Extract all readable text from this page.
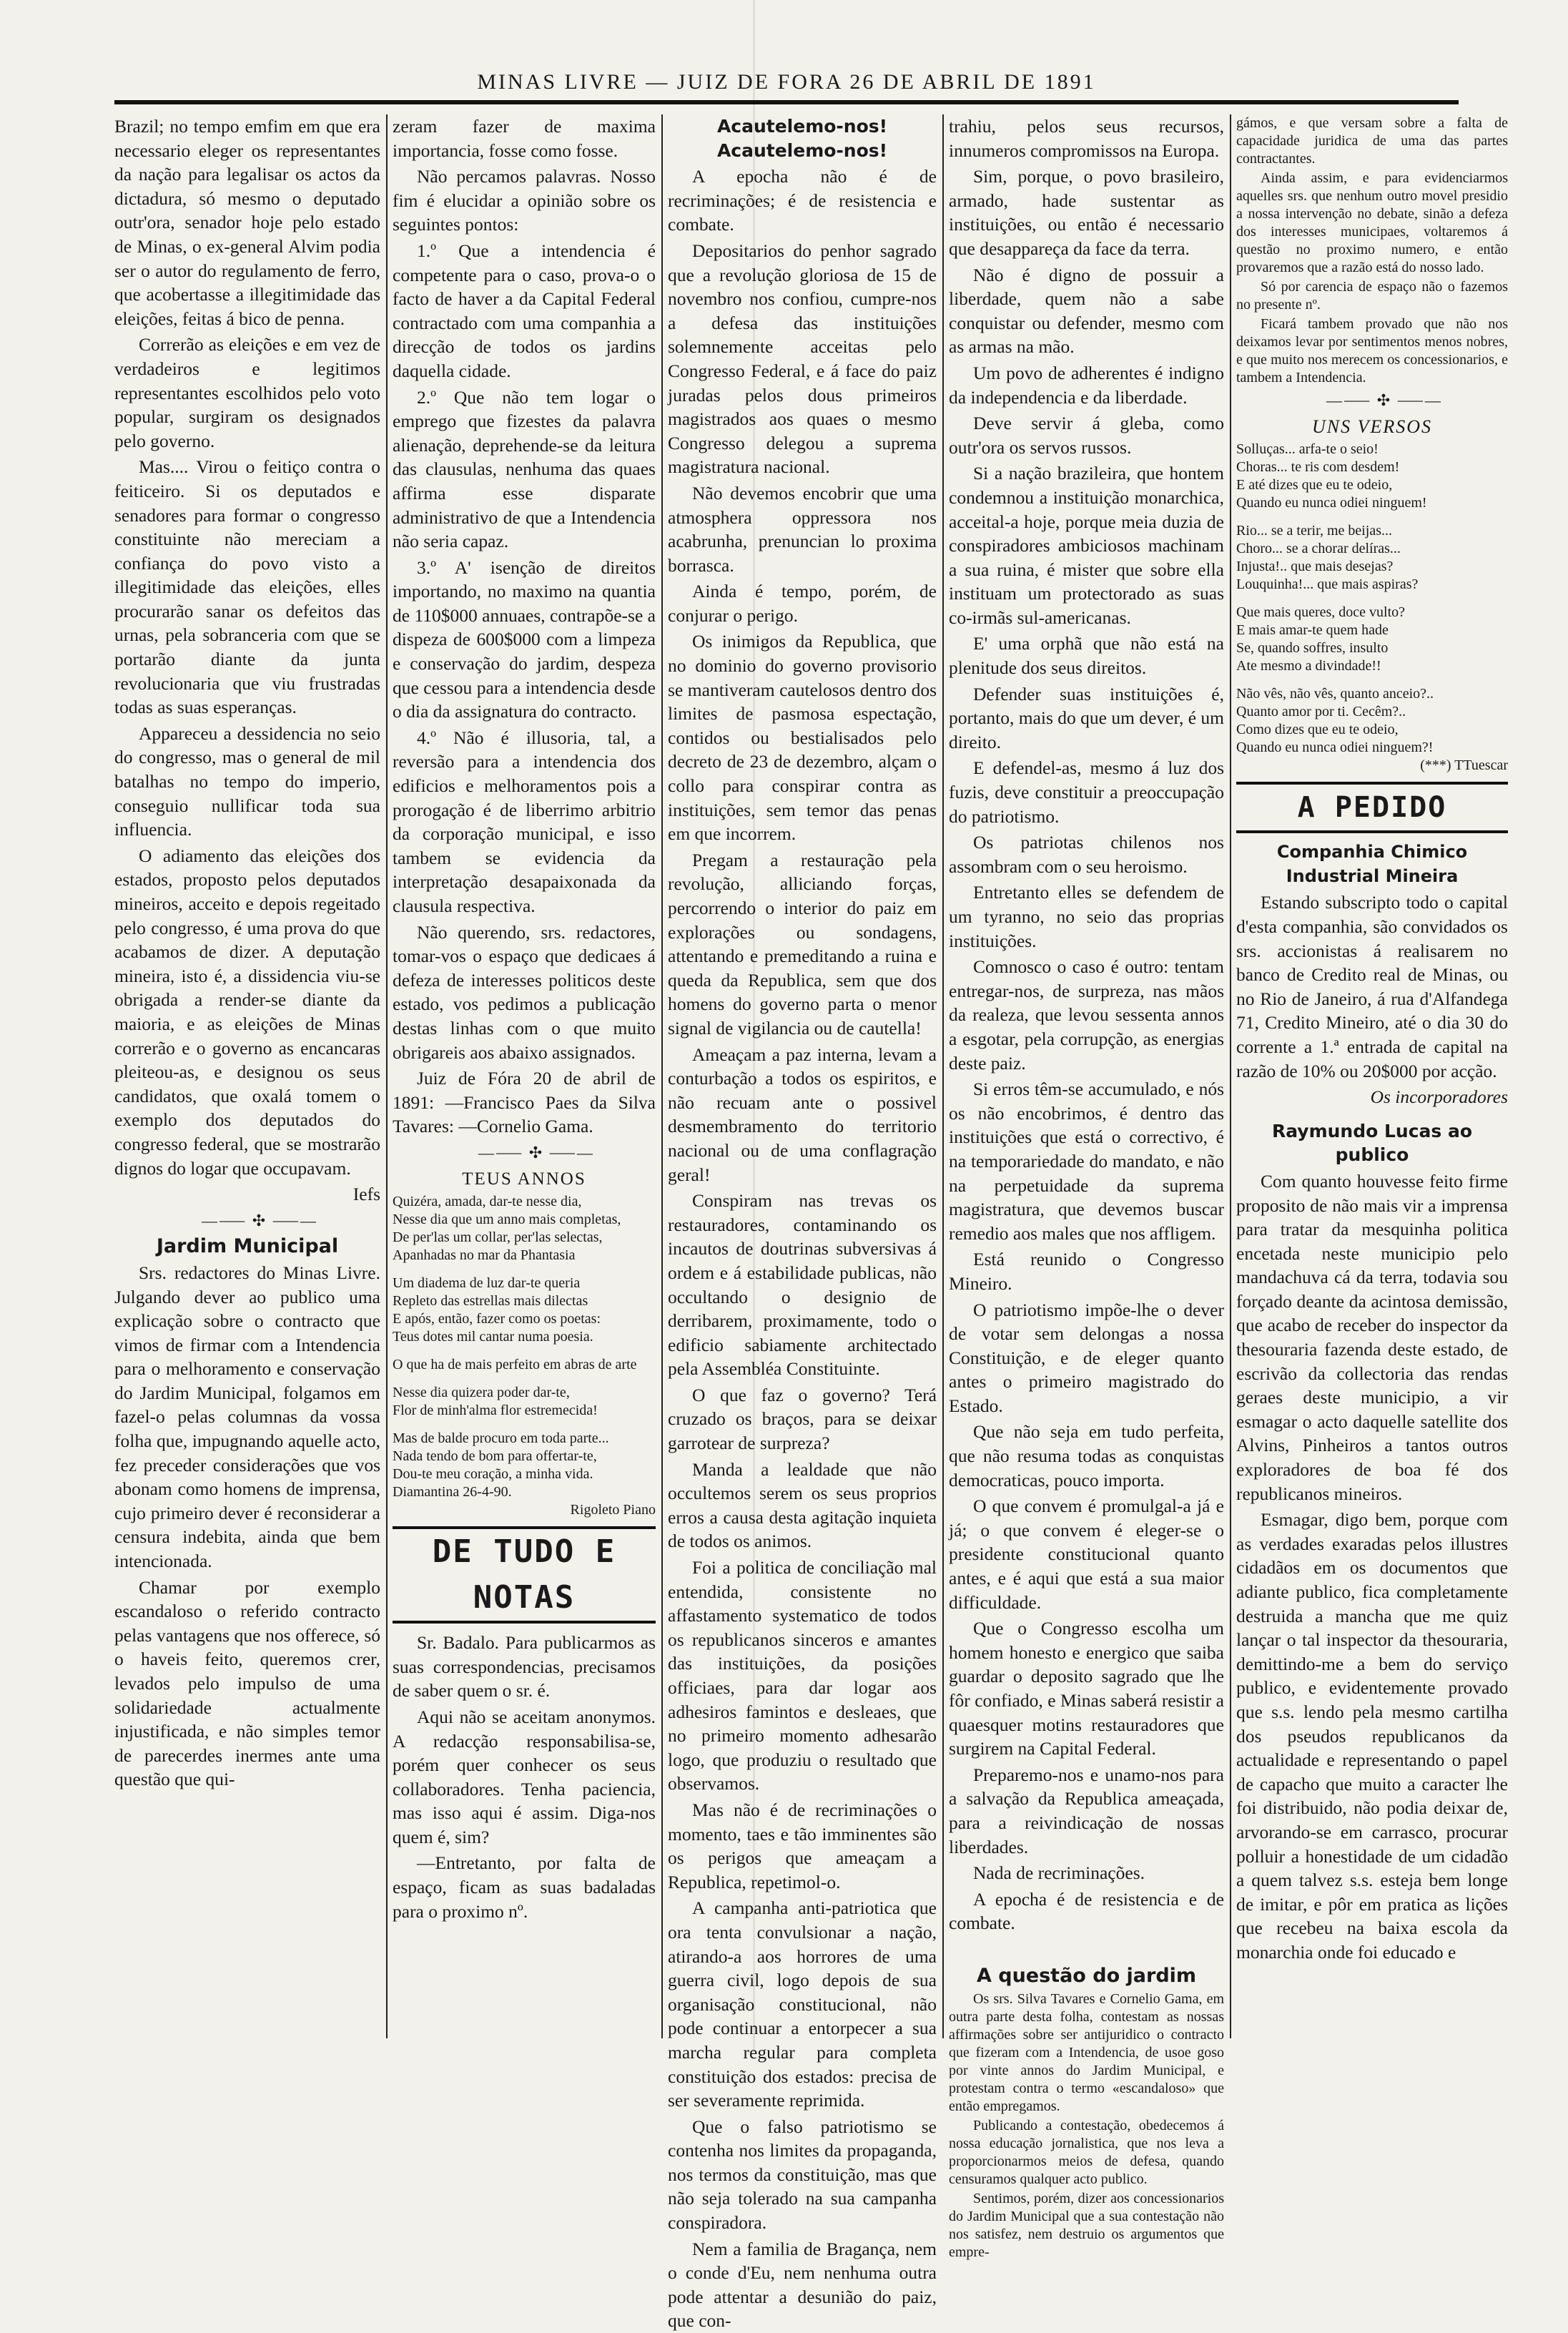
MINAS LIVRE — JUIZ DE FORA 26 DE ABRIL DE 1891

Brazil; no tempo emfim em que era necessario eleger os representantes da nação para legalisar os actos da dictadura, só mesmo o deputado outr'ora, senador hoje pelo estado de Minas, o ex-general Alvim podia ser o autor do regulamento de ferro, que acobertasse a illegitimidade das eleições, feitas á bico de penna.

Correrão as eleições e em vez de verdadeiros e legitimos representantes escolhidos pelo voto popular, surgiram os designados pelo governo.

Mas.... Virou o feitiço contra o feiticeiro. Si os deputados e senadores para formar o congresso constituinte não mereciam a confiança do povo visto a illegitimidade das eleições, elles procurarão sanar os defeitos das urnas, pela sobranceria com que se portarão diante da junta revolucionaria que viu frustradas todas as suas esperanças.

Appareceu a dessidencia no seio do congresso, mas o general de mil batalhas no tempo do imperio, conseguio nullificar toda sua influencia.

O adiamento das eleições dos estados, proposto pelos deputados mineiros, acceito e depois regeitado pelo congresso, é uma prova do que acabamos de dizer. A deputação mineira, isto é, a dissidencia viu-se obrigada a render-se diante da maioria, e as eleições de Minas correrão e o governo as encancaras pleiteou-as, e designou os seus candidatos, que oxalá tomem o exemplo dos deputados do congresso federal, que se mostrarão dignos do logar que occupavam.

Iefs

—⸺ ✣ ⸺—

Jardim Municipal

Srs. redactores do Minas Livre. Julgando dever ao publico uma explicação sobre o contracto que vimos de firmar com a Intendencia para o melhoramento e conservação do Jardim Municipal, folgamos em fazel-o pelas columnas da vossa folha que, impugnando aquelle acto, fez preceder considerações que vos abonam como homens de imprensa, cujo primeiro dever é reconsiderar a censura indebita, ainda que bem intencionada.

Chamar por exemplo escandaloso o referido contracto pelas vantagens que nos offerece, só o haveis feito, queremos crer, levados pelo impulso de uma solidariedade actualmente injustificada, e não simples temor de parecerdes inermes ante uma questão que qui-

zeram fazer de maxima importancia, fosse como fosse.

Não percamos palavras. Nosso fim é elucidar a opinião sobre os seguintes pontos:

1.º Que a intendencia é competente para o caso, prova-o o facto de haver a da Capital Federal contractado com uma companhia a direcção de todos os jardins daquella cidade.

2.º Que não tem logar o emprego que fizestes da palavra alienação, deprehende-se da leitura das clausulas, nenhuma das quaes affirma esse disparate administrativo de que a Intendencia não seria capaz.

3.º A' isenção de direitos importando, no maximo na quantia de 110$000 annuaes, contrapõe-se a dispeza de 600$000 com a limpeza e conservação do jardim, despeza que cessou para a intendencia desde o dia da assignatura do contracto.

4.º Não é illusoria, tal, a reversão para a intendencia dos edificios e melhoramentos pois a prorogação é de liberrimo arbitrio da corporação municipal, e isso tambem se evidencia da interpretação desapaixonada da clausula respectiva.

Não querendo, srs. redactores, tomar-vos o espaço que dedicaes á defeza de interesses politicos deste estado, vos pedimos a publicação destas linhas com o que muito obrigareis aos abaixo assignados.

Juiz de Fóra 20 de abril de 1891: —Francisco Paes da Silva Tavares: —Cornelio Gama.

—⸺ ✣ ⸺—

TEUS ANNOS

Quizéra, amada, dar-te nesse dia,

Nesse dia que um anno mais completas,

De per'las um collar, per'las selectas,

Apanhadas no mar da Phantasia

Um diadema de luz dar-te queria

Repleto das estrellas mais dilectas

E após, então, fazer como os poetas:

Teus dotes mil cantar numa poesia.

O que ha de mais perfeito em abras de arte

Nesse dia quizera poder dar-te,

Flor de minh'alma flor estremecida!

Mas de balde procuro em toda parte...

Nada tendo de bom para offertar-te,

Dou-te meu coração, a minha vida.

Diamantina 26-4-90.

Rigoleto Piano

DE TUDO E NOTAS

Sr. Badalo. Para publicarmos as suas correspondencias, precisamos de saber quem o sr. é.

Aqui não se aceitam anonymos. A redacção responsabilisa-se, porém quer conhecer os seus collaboradores. Tenha paciencia, mas isso aqui é assim. Diga-nos quem é, sim?

—Entretanto, por falta de espaço, ficam as suas badaladas para o proximo nº.

Acautelemo-nos! Acautelemo-nos!

A epocha não é de recriminações; é de resistencia e combate.

Depositarios do penhor sagrado que a revolução gloriosa de 15 de novembro nos confiou, cumpre-nos a defesa das instituições solemnemente acceitas pelo Congresso Federal, e á face do paiz juradas pelos dous primeiros magistrados aos quaes o mesmo Congresso delegou a suprema magistratura nacional.

Não devemos encobrir que uma atmosphera oppressora nos acabrunha, prenuncian lo proxima borrasca.

Ainda é tempo, porém, de conjurar o perigo.

Os inimigos da Republica, que no dominio do governo provisorio se mantiveram cautelosos dentro dos limites de pasmosa espectação, contidos ou bestialisados pelo decreto de 23 de dezembro, alçam o collo para conspirar contra as instituições, sem temor das penas em que incorrem.

Pregam a restauração pela revolução, alliciando forças, percorrendo o interior do paiz em explorações ou sondagens, attentando e premeditando a ruina e queda da Republica, sem que dos homens do governo parta o menor signal de vigilancia ou de cautella!

Ameaçam a paz interna, levam a conturbação a todos os espiritos, e não recuam ante o possivel desmembramento do territorio nacional ou de uma conflagração geral!

Conspiram nas trevas os restauradores, contaminando os incautos de doutrinas subversivas á ordem e á estabilidade publicas, não occultando o designio de derribarem, proximamente, todo o edificio sabiamente architectado pela Assembléa Constituinte.

O que faz o governo? Terá cruzado os braços, para se deixar garrotear de surpreza?

Manda a lealdade que não occultemos serem os seus proprios erros a causa desta agitação inquieta de todos os animos.

Foi a politica de conciliação mal entendida, consistente no affastamento systematico de todos os republicanos sinceros e amantes das instituições, da posições officiaes, para dar logar aos adhesiros famintos e desleaes, que no primeiro momento adhesarão logo, que produziu o resultado que observamos.

Mas não é de recriminações o momento, taes e tão imminentes são os perigos que ameaçam a Republica, repetimol-o.

A campanha anti-patriotica que ora tenta convulsionar a nação, atirando-a aos horrores de uma guerra civil, logo depois de sua organisação constitucional, não pode continuar a entorpecer a sua marcha regular para completa constituição dos estados: precisa de ser severamente reprimida.

Que o falso patriotismo se contenha nos limites da propaganda, nos termos da constituição, mas que não seja tolerado na sua campanha conspiradora.

Nem a familia de Bragança, nem o conde d'Eu, nem nenhuma outra pode attentar a desunião do paiz, que con-

trahiu, pelos seus recursos, innumeros compromissos na Europa.

Sim, porque, o povo brasileiro, armado, hade sustentar as instituições, ou então é necessario que desappareça da face da terra.

Não é digno de possuir a liberdade, quem não a sabe conquistar ou defender, mesmo com as armas na mão.

Um povo de adherentes é indigno da independencia e da liberdade.

Deve servir á gleba, como outr'ora os servos russos.

Si a nação brazileira, que hontem condemnou a instituição monarchica, acceital-a hoje, porque meia duzia de conspiradores ambiciosos machinam a sua ruina, é mister que sobre ella instituam um protectorado as suas co-irmãs sul-americanas.

E' uma orphã que não está na plenitude dos seus direitos.

Defender suas instituições é, portanto, mais do que um dever, é um direito.

E defendel-as, mesmo á luz dos fuzis, deve constituir a preoccupação do patriotismo.

Os patriotas chilenos nos assombram com o seu heroismo.

Entretanto elles se defendem de um tyranno, no seio das proprias instituições.

Comnosco o caso é outro: tentam entregar-nos, de surpreza, nas mãos da realeza, que levou sessenta annos a esgotar, pela corrupção, as energias deste paiz.

Si erros têm-se accumulado, e nós os não encobrimos, é dentro das instituições que está o correctivo, é na temporariedade do mandato, e não na perpetuidade da suprema magistratura, que devemos buscar remedio aos males que nos affligem.

Está reunido o Congresso Mineiro.

O patriotismo impõe-lhe o dever de votar sem delongas a nossa Constituição, e de eleger quanto antes o primeiro magistrado do Estado.

Que não seja em tudo perfeita, que não resuma todas as conquistas democraticas, pouco importa.

O que convem é promulgal-a já e já; o que convem é eleger-se o presidente constitucional quanto antes, e é aqui que está a sua maior difficuldade.

Que o Congresso escolha um homem honesto e energico que saiba guardar o deposito sagrado que lhe fôr confiado, e Minas saberá resistir a quaesquer motins restauradores que surgirem na Capital Federal.

Preparemo-nos e unamo-nos para a salvação da Republica ameaçada, para a reivindicação de nossas liberdades.

Nada de recriminações.

A epocha é de resistencia e de combate.

A questão do jardim

Os srs. Silva Tavares e Cornelio Gama, em outra parte desta folha, contestam as nossas affirmações sobre ser antijuridico o contracto que fizeram com a Intendencia, de usoe goso por vinte annos do Jardim Municipal, e protestam contra o termo «escandaloso» que então empregamos.

Publicando a contestação, obedecemos á nossa educação jornalistica, que nos leva a proporcionarmos meios de defesa, quando censuramos qualquer acto publico.

Sentimos, porém, dizer aos concessionarios do Jardim Municipal que a sua contestação não nos satisfez, nem destruio os argumentos que empre-

gámos, e que versam sobre a falta de capacidade juridica de uma das partes contractantes.

Ainda assim, e para evidenciarmos aquelles srs. que nenhum outro movel presidio a nossa intervenção no debate, sinão a defeza dos interesses municipaes, voltaremos á questão no proximo numero, e então provaremos que a razão está do nosso lado.

Só por carencia de espaço não o fazemos no presente nº.

Ficará tambem provado que não nos deixamos levar por sentimentos menos nobres, e que muito nos merecem os concessionarios, e tambem a Intendencia.

—⸺ ✣ ⸺—

UNS VERSOS

Solluças... arfa-te o seio!

Choras... te ris com desdem!

E até dizes que eu te odeio,

Quando eu nunca odiei ninguem!

Rio... se a terir, me beijas...

Choro... se a chorar delíras...

Injusta!.. que mais desejas?

Louquinha!... que mais aspiras?

Que mais queres, doce vulto?

E mais amar-te quem hade

Se, quando soffres, insulto

Ate mesmo a divindade!!

Não vês, não vês, quanto anceio?..

Quanto amor por ti. Cecêm?..

Como dizes que eu te odeio,

Quando eu nunca odiei ninguem?!

(***) TTuescar

A PEDIDO

Companhia Chimico Industrial Mineira

Estando subscripto todo o capital d'esta companhia, são convidados os srs. accionistas á realisarem no banco de Credito real de Minas, ou no Rio de Janeiro, á rua d'Alfandega 71, Credito Mineiro, até o dia 30 do corrente a 1.ª entrada de capital na razão de 10% ou 20$000 por acção.

Os incorporadores

Raymundo Lucas ao publico

Com quanto houvesse feito firme proposito de não mais vir a imprensa para tratar da mesquinha politica encetada neste municipio pelo mandachuva cá da terra, todavia sou forçado deante da acintosa demissão, que acabo de receber do inspector da thesouraria fazenda deste estado, de escrivão da collectoria das rendas geraes deste municipio, a vir esmagar o acto daquelle satellite dos Alvins, Pinheiros a tantos outros exploradores de boa fé dos republicanos mineiros.

Esmagar, digo bem, porque com as verdades exaradas pelos illustres cidadãos em os documentos que adiante publico, fica completamente destruida a mancha que me quiz lançar o tal inspector da thesouraria, demittindo-me a bem do serviço publico, e evidentemente provado que s.s. lendo pela mesmo cartilha dos pseudos republicanos da actualidade e representando o papel de capacho que muito a caracter lhe foi distribuido, não podia deixar de, arvorando-se em carrasco, procurar polluir a honestidade de um cidadão a quem talvez s.s. esteja bem longe de imitar, e pôr em pratica as lições que recebeu na baixa escola da monarchia onde foi educado e
